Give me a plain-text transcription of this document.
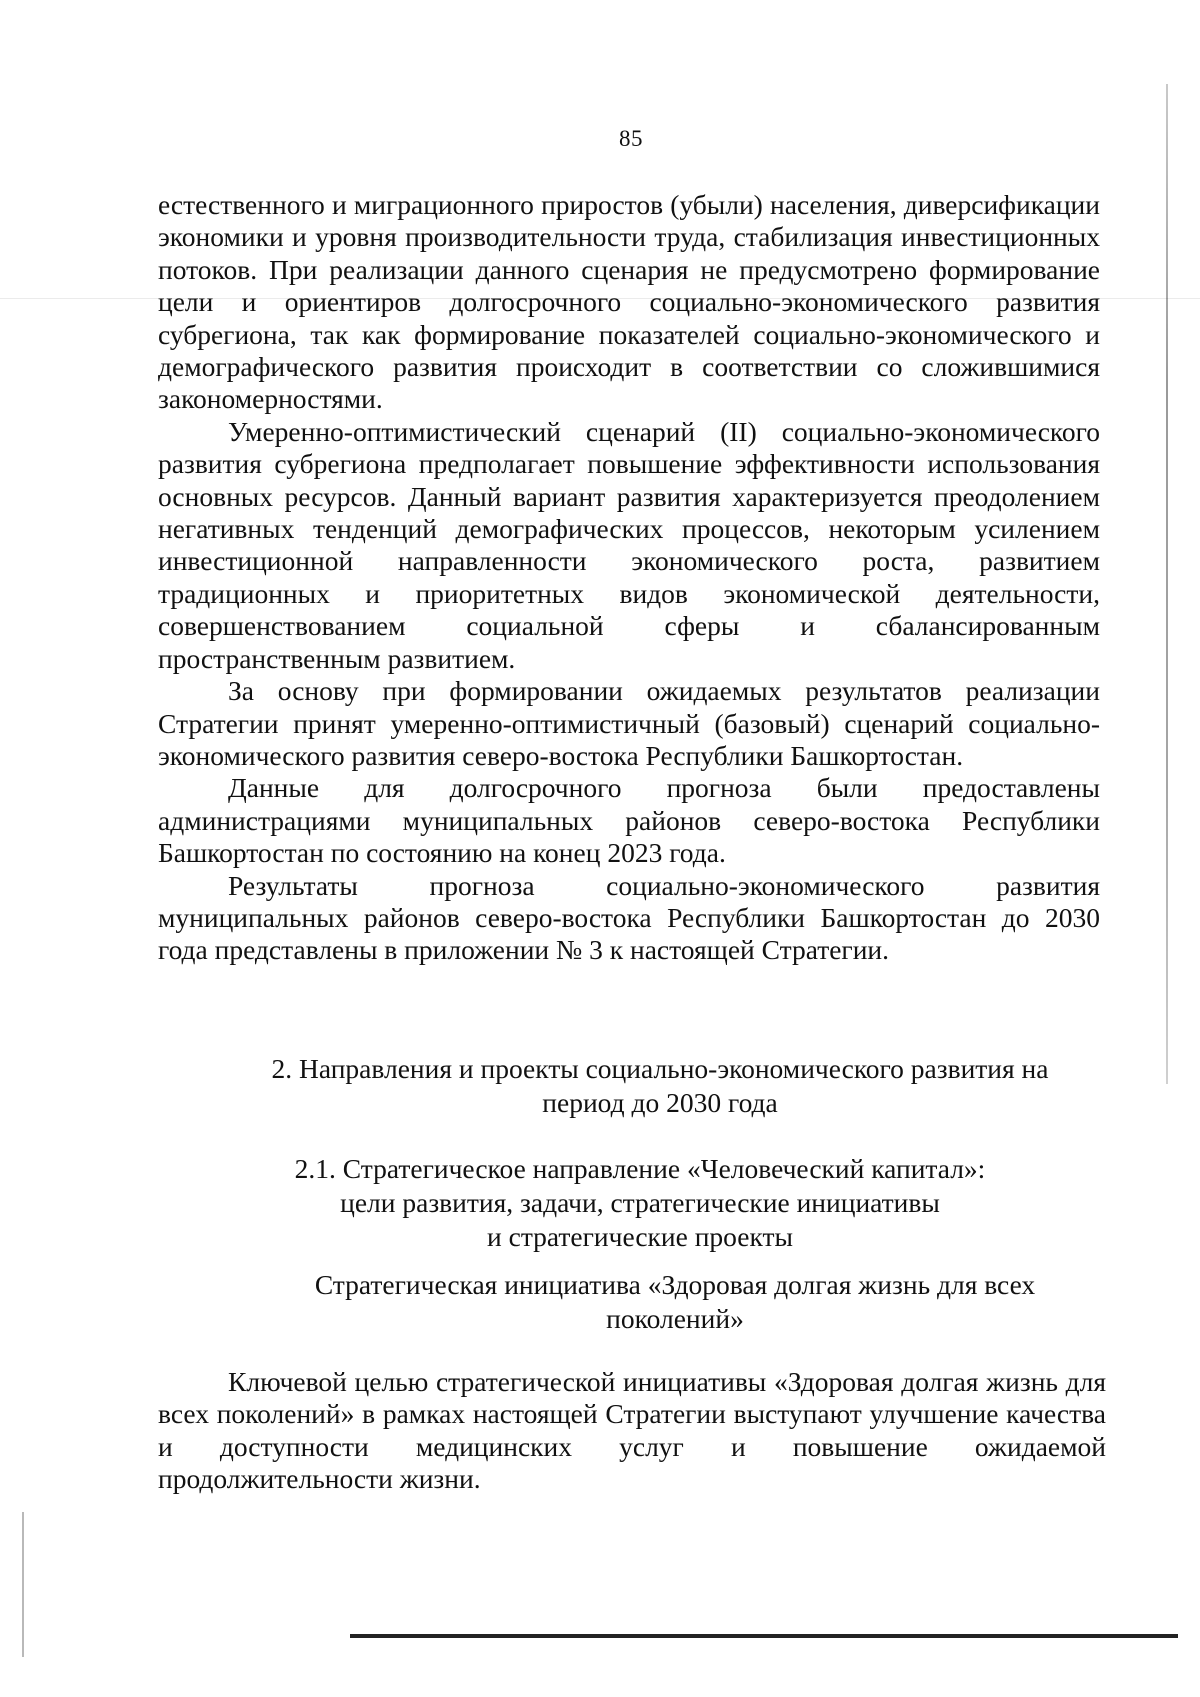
85

естественного и миграционного приростов (убыли) населения, диверсификации экономики и уровня производительности труда, стабилизация инвестиционных потоков. При реализации данного сценария не предусмотрено формирование цели и ориентиров долгосрочного социально-экономического развития субрегиона, так как формирование показателей социально-экономического и демографического развития происходит в соответствии со сложившимися закономерностями.

Умеренно-оптимистический сценарий (II) социально-экономического развития субрегиона предполагает повышение эффективности использования основных ресурсов. Данный вариант развития характеризуется преодолением негативных тенденций демографических процессов, некоторым усилением инвестиционной направленности экономического роста, развитием традиционных и приоритетных видов экономической деятельности, совершенствованием социальной сферы и сбалансированным пространственным развитием.

За основу при формировании ожидаемых результатов реализации Стратегии принят умеренно-оптимистичный (базовый) сценарий социально-экономического развития северо-востока Республики Башкортостан.

Данные для долгосрочного прогноза были предоставлены администрациями муниципальных районов северо-востока Республики Башкортостан по состоянию на конец 2023 года.

Результаты прогноза социально-экономического развития муниципальных районов северо-востока Республики Башкортостан до 2030 года представлены в приложении № 3 к настоящей Стратегии.

2. Направления и проекты социально-экономического развития на
период до 2030 года
2.1. Стратегическое направление «Человеческий капитал»:
цели развития, задачи, стратегические инициативы
и стратегические проекты
Стратегическая инициатива «Здоровая долгая жизнь для всех
поколений»

Ключевой целью стратегической инициативы «Здоровая долгая жизнь для всех поколений» в рамках настоящей Стратегии выступают улучшение качества и доступности медицинских услуг и повышение ожидаемой продолжительности жизни.
